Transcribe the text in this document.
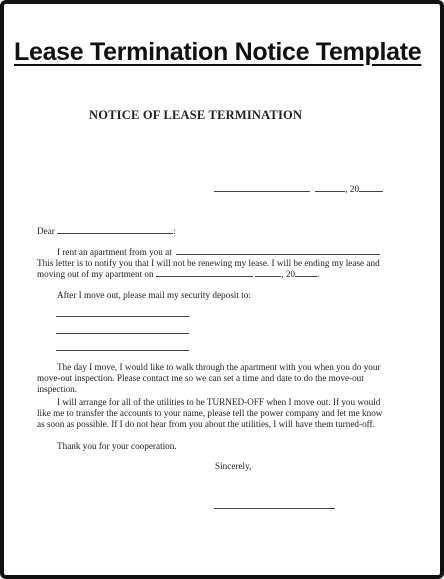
Lease Termination Notice Template
NOTICE OF LEASE TERMINATION
, 20
Dear	:
I rent an apartment from you at
This letter is to notify you that I will not be renewing my lease. I will be ending my lease and
moving out of my apartment on	, 20 .
After I move out, please mail my security deposit to:
The day I move, I would like to walk through the apartment with you when you do your move-out inspection. Please contact me so we can set a time and date to do the move-out inspection.
I will arrange for all of the utilities to be TURNED-OFF when I move out. If you would like me to transfer the accounts to your name, please tell the power company and let me know as soon as possible. If I do not hear from you about the utilities, I will have them turned-off.
Thank you for your cooperation.
Sincerely,
